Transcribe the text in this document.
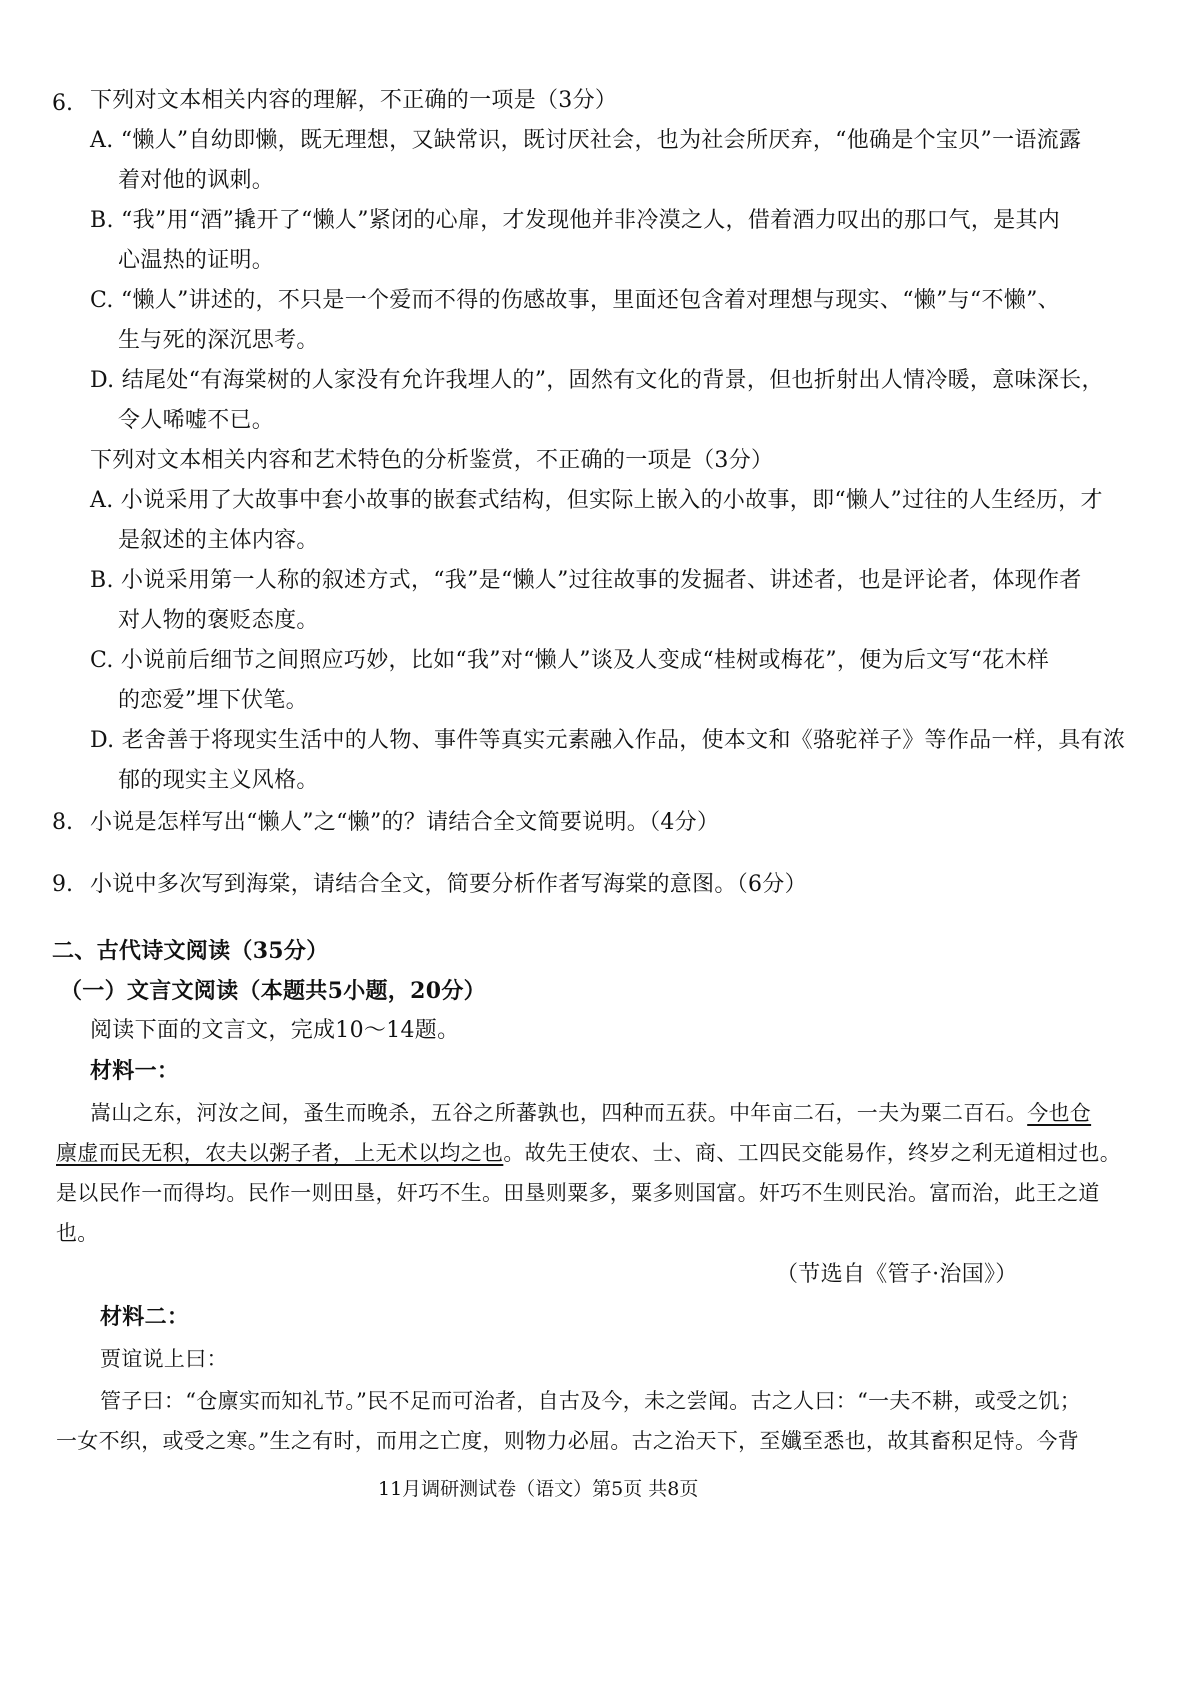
6. 下列对文本相关内容的理解，不正确的一项是（3分）
A. “懒人”自幼即懒，既无理想，又缺常识，既讨厌社会，也为社会所厌弃，“他确是个宝贝”一语流露
着对他的讽刺。
B. “我”用“酒”撬开了“懒人”紧闭的心扉，才发现他并非冷漠之人，借着酒力叹出的那口气，是其内
心温热的证明。
C. “懒人”讲述的，不只是一个爱而不得的伤感故事，里面还包含着对理想与现实、“懒”与“不懒”、
生与死的深沉思考。
D. 结尾处“有海棠树的人家没有允许我埋人的”，固然有文化的背景，但也折射出人情冷暖，意味深长，
令人唏嘘不已。
下列对文本相关内容和艺术特色的分析鉴赏，不正确的一项是（3分）
A. 小说采用了大故事中套小故事的嵌套式结构，但实际上嵌入的小故事，即“懒人”过往的人生经历，才
是叙述的主体内容。
B. 小说采用第一人称的叙述方式，“我”是“懒人”过往故事的发掘者、讲述者，也是评论者，体现作者
对人物的褒贬态度。
C. 小说前后细节之间照应巧妙，比如“我”对“懒人”谈及人变成“桂树或梅花”，便为后文写“花木样
的恋爱”埋下伏笔。
D. 老舍善于将现实生活中的人物、事件等真实元素融入作品，使本文和《骆驼祥子》等作品一样，具有浓
郁的现实主义风格。
8. 小说是怎样写出“懒人”之“懒”的？请结合全文简要说明。（4分）
9. 小说中多次写到海棠，请结合全文，简要分析作者写海棠的意图。（6分）
二、古代诗文阅读（35分）
（一）文言文阅读（本题共5小题，20分）
阅读下面的文言文，完成10～14题。
材料一：
嵩山之东，河汝之间，蚤生而晚杀，五谷之所蕃孰也，四种而五获。中年亩二石，一夫为粟二百石。今也仓
廪虚而民无积，农夫以粥子者，上无术以均之也。故先王使农、士、商、工四民交能易作，终岁之利无道相过也。
是以民作一而得均。民作一则田垦，奸巧不生。田垦则粟多，粟多则国富。奸巧不生则民治。富而治，此王之道
也。
（节选自《管子·治国》）
材料二：
贾谊说上曰：
管子曰：“仓廪实而知礼节。”民不足而可治者，自古及今，未之尝闻。古之人曰：“一夫不耕，或受之饥；
一女不织，或受之寒。”生之有时，而用之亡度，则物力必屈。古之治天下，至孅至悉也，故其畜积足恃。今背
11月调研测试卷（语文）第5页 共8页
